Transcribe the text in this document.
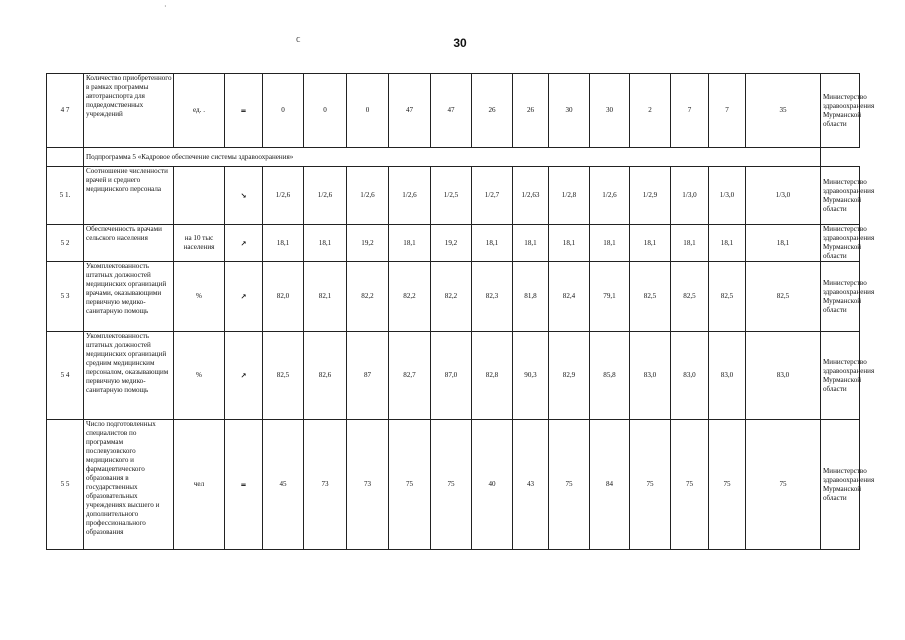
·
ϲ	30
4 7	Количество приобретенного в рамках программы автотранспорта для подведомственных учреждений	ед. .	=	0	0	0	47	47	26	26	30	30	2	7	7	35	Министерство здравоохранения Мурманской области
	Подпрограмма 5 «Кадровое обеспечение системы здравоохранения»																
5 1.	Соотношение численности врачей и среднего медицинского персонала		↘	1/2,6	1/2,6	1/2,6	1/2,6	1/2,5	1/2,7	1/2,63	1/2,8	1/2,6	1/2,9	1/3,0	1/3,0	1/3,0	Министерство здравоохранения Мурманской области
5 2	Обеспеченность врачами сельского населения	на 10 тыс населения	↗	18,1	18,1	19,2	18,1	19,2	18,1	18,1	18,1	18,1	18,1	18,1	18,1	18,1	Министерство здравоохранения Мурманской области
5 3	Укомплектованность штатных должностей медицинских организаций врачами, оказывающими первичную медико-санитарную помощь	%	↗	82,0	82,1	82,2	82,2	82,2	82,3	81,8	82,4	79,1	82,5	82,5	82,5	82,5	Министерство здравоохранения Мурманской области
5 4	Укомплектованность штатных должностей медицинских организаций средним медицинским персоналом, оказывающим первичную медико-санитарную помощь	%	↗	82,5	82,6	87	82,7	87,0	82,8	90,3	82,9	85,8	83,0	83,0	83,0	83,0	Министерство здравоохранения Мурманской области
5 5	Число подготовленных специалистов по программам послевузовского медицинского и фармацевтического образования в государственных образовательных учреждениях высшего и дополнительного профессионального образования	чел	=	45	73	73	75	75	40	43	75	84	75	75	75	75	Министерство здравоохранения Мурманской области
